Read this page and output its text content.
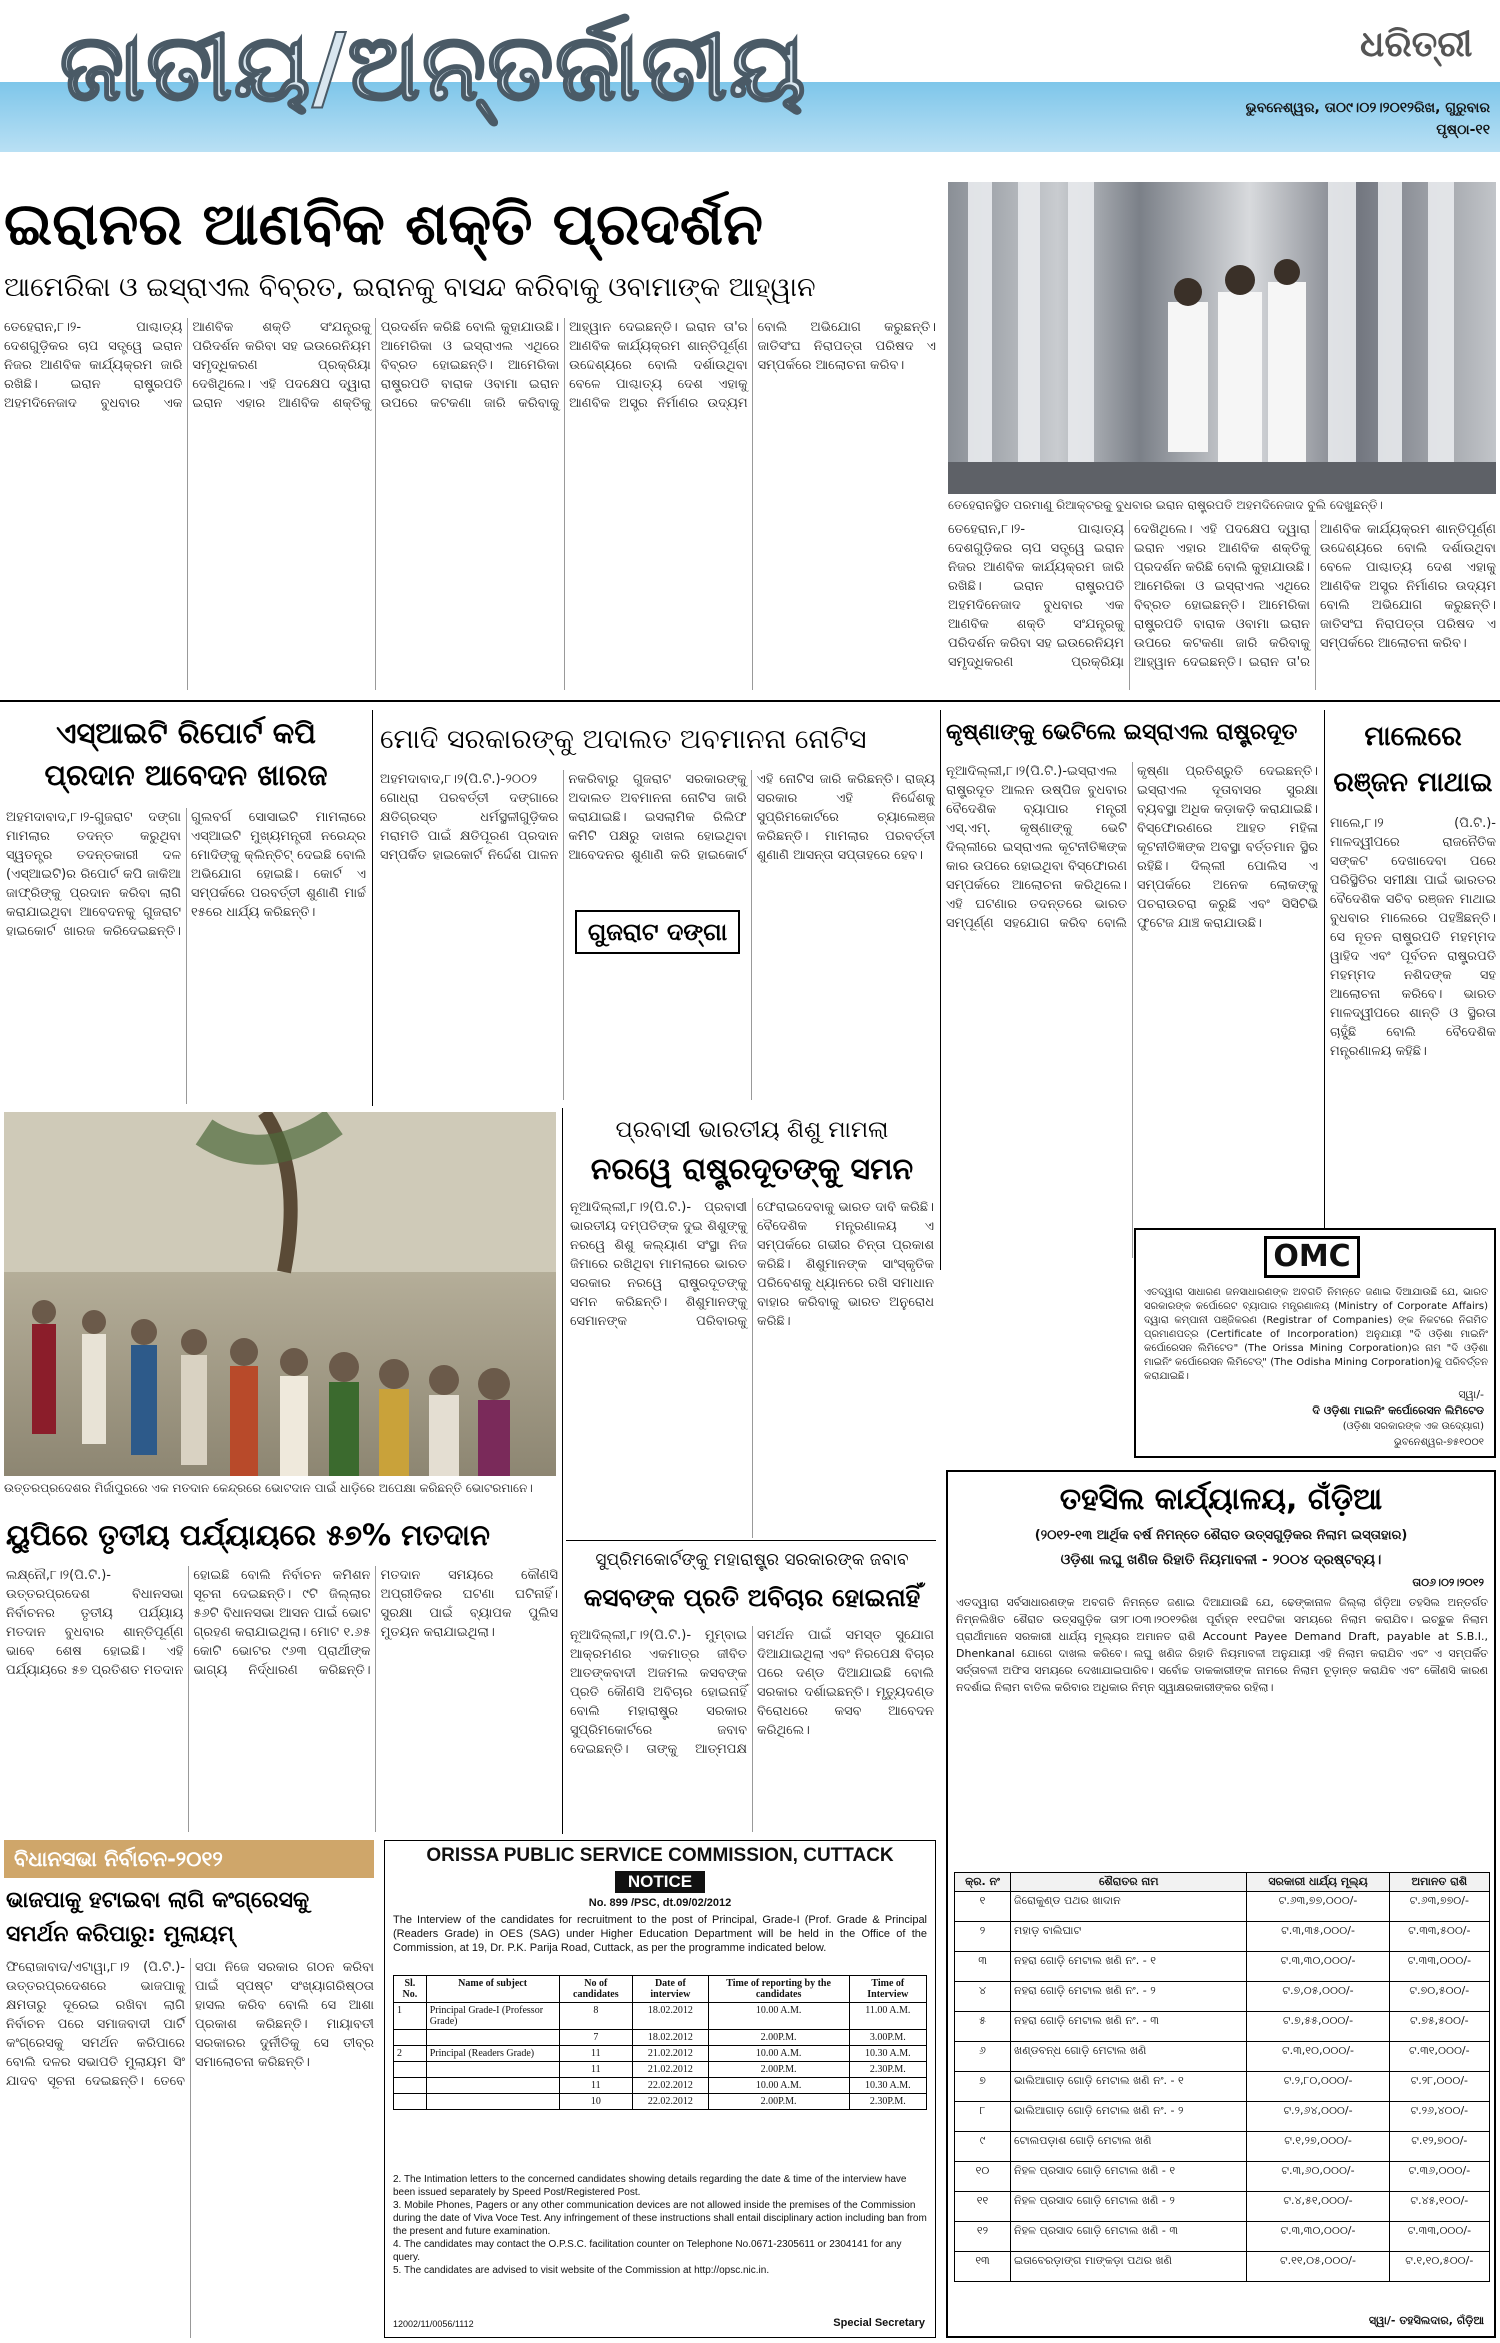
ଜାତୀୟ/ଅନ୍ତର୍ଜାତୀୟ	ଧରିତ୍ରୀ
ଭୁବନେଶ୍ୱର, ତା୦୯।୦୨।୨୦୧୨ରିଖ, ଗୁରୁବାର
ପୃଷ୍ଠା-୧୧
ଇରାନର ଆଣବିକ ଶକ୍ତି ପ୍ରଦର୍ଶନ
ଆମେରିକା ଓ ଇସ୍ରାଏଲ ବିବ୍ରତ, ଇରାନକୁ ବାସନ୍ଦ କରିବାକୁ ଓବାମାଙ୍କ ଆହ୍ୱାନ
ତେହେରାନ,୮।୨- ପାଶ୍ଚାତ୍ୟ ଦେଶଗୁଡ଼ିକର ଚାପ ସତ୍ତ୍ୱେ ଇରାନ ନିଜର ଆଣବିକ କାର୍ଯ୍ୟକ୍ରମ ଜାରି ରଖିଛି। ଇରାନ ରାଷ୍ଟ୍ରପତି ଅହମଦିନେଜାଦ ବୁଧବାର ଏକ ଆଣବିକ ଶକ୍ତି ସଂଯନ୍ତ୍ରକୁ ପରିଦର୍ଶନ କରିବା ସହ ଇଉରେନିୟମ ସମୃଦ୍ଧିକରଣ ପ୍ରକ୍ରିୟା ଦେଖିଥିଲେ। ଏହି ପଦକ୍ଷେପ ଦ୍ୱାରା ଇରାନ ଏହାର ଆଣବିକ ଶକ୍ତିକୁ ପ୍ରଦର୍ଶନ କରିଛି ବୋଲି କୁହାଯାଉଛି। ଆମେରିକା ଓ ଇସ୍ରାଏଲ ଏଥିରେ ବିବ୍ରତ ହୋଇଛନ୍ତି। ଆମେରିକା ରାଷ୍ଟ୍ରପତି ବାରାକ ଓବାମା ଇରାନ ଉପରେ କଟକଣା ଜାରି କରିବାକୁ ଆହ୍ୱାନ ଦେଇଛନ୍ତି। ଇରାନ ତା'ର ଆଣବିକ କାର୍ଯ୍ୟକ୍ରମ ଶାନ୍ତିପୂର୍ଣ୍ଣ ଉଦ୍ଦେଶ୍ୟରେ ବୋଲି ଦର୍ଶାଉଥିବା ବେଳେ ପାଶ୍ଚାତ୍ୟ ଦେଶ ଏହାକୁ ଆଣବିକ ଅସ୍ତ୍ର ନିର୍ମାଣର ଉଦ୍ୟମ ବୋଲି ଅଭିଯୋଗ କରୁଛନ୍ତି। ଜାତିସଂଘ ନିରାପତ୍ତା ପରିଷଦ ଏ ସମ୍ପର୍କରେ ଆଲୋଚନା କରିବ।
ତେହେରାନସ୍ଥିତ ପରମାଣୁ ରିଆକ୍ଟରକୁ ବୁଧବାର ଇରାନ ରାଷ୍ଟ୍ରପତି ଅହମଦିନେଜାଦ ବୁଲି ଦେଖୁଛନ୍ତି।
ତେହେରାନ,୮।୨- ପାଶ୍ଚାତ୍ୟ ଦେଶଗୁଡ଼ିକର ଚାପ ସତ୍ତ୍ୱେ ଇରାନ ନିଜର ଆଣବିକ କାର୍ଯ୍ୟକ୍ରମ ଜାରି ରଖିଛି। ଇରାନ ରାଷ୍ଟ୍ରପତି ଅହମଦିନେଜାଦ ବୁଧବାର ଏକ ଆଣବିକ ଶକ୍ତି ସଂଯନ୍ତ୍ରକୁ ପରିଦର୍ଶନ କରିବା ସହ ଇଉରେନିୟମ ସମୃଦ୍ଧିକରଣ ପ୍ରକ୍ରିୟା ଦେଖିଥିଲେ। ଏହି ପଦକ୍ଷେପ ଦ୍ୱାରା ଇରାନ ଏହାର ଆଣବିକ ଶକ୍ତିକୁ ପ୍ରଦର୍ଶନ କରିଛି ବୋଲି କୁହାଯାଉଛି। ଆମେରିକା ଓ ଇସ୍ରାଏଲ ଏଥିରେ ବିବ୍ରତ ହୋଇଛନ୍ତି। ଆମେରିକା ରାଷ୍ଟ୍ରପତି ବାରାକ ଓବାମା ଇରାନ ଉପରେ କଟକଣା ଜାରି କରିବାକୁ ଆହ୍ୱାନ ଦେଇଛନ୍ତି। ଇରାନ ତା'ର ଆଣବିକ କାର୍ଯ୍ୟକ୍ରମ ଶାନ୍ତିପୂର୍ଣ୍ଣ ଉଦ୍ଦେଶ୍ୟରେ ବୋଲି ଦର୍ଶାଉଥିବା ବେଳେ ପାଶ୍ଚାତ୍ୟ ଦେଶ ଏହାକୁ ଆଣବିକ ଅସ୍ତ୍ର ନିର୍ମାଣର ଉଦ୍ୟମ ବୋଲି ଅଭିଯୋଗ କରୁଛନ୍ତି। ଜାତିସଂଘ ନିରାପତ୍ତା ପରିଷଦ ଏ ସମ୍ପର୍କରେ ଆଲୋଚନା କରିବ।
ଏସ୍‌ଆଇଟି ରିପୋର୍ଟ କପି ପ୍ରଦାନ ଆବେଦନ ଖାରଜ
ଅହମଦାବାଦ,୮।୨-ଗୁଜରାଟ ଦଙ୍ଗା ମାମଲାର ତଦନ୍ତ କରୁଥିବା ସ୍ୱତନ୍ତ୍ର ତଦନ୍ତକାରୀ ଦଳ (ଏସ୍‌ଆଇଟି)ର ରିପୋର୍ଟ କପି ଜାକିଆ ଜାଫ୍ରିଙ୍କୁ ପ୍ରଦାନ କରିବା ଲାଗି କରାଯାଇଥିବା ଆବେଦନକୁ ଗୁଜରାଟ ହାଇକୋର୍ଟ ଖାରଜ କରିଦେଇଛନ୍ତି। ଗୁଲବର୍ଗ ସୋସାଇଟି ମାମଲାରେ ଏସ୍‌ଆଇଟି ମୁଖ୍ୟମନ୍ତ୍ରୀ ନରେନ୍ଦ୍ର ମୋଦିଙ୍କୁ କ୍ଲିନ୍‌ଚିଟ୍ ଦେଇଛି ବୋଲି ଅଭିଯୋଗ ହୋଇଛି। କୋର୍ଟ ଏ ସମ୍ପର୍କରେ ପରବର୍ତ୍ତୀ ଶୁଣାଣି ମାର୍ଚ୍ଚ ୧୫ରେ ଧାର୍ଯ୍ୟ କରିଛନ୍ତି।
ମୋଦି ସରକାରଙ୍କୁ ଅଦାଲତ ଅବମାନନା ନୋଟିସ
ଅହମଦାବାଦ,୮।୨(ପି.ଟି.)-୨୦୦୨ ଗୋଧ୍ରା ପରବର୍ତ୍ତୀ ଦଙ୍ଗାରେ କ୍ଷତିଗ୍ରସ୍ତ ଧର୍ମସ୍ଥଳୀଗୁଡ଼ିକର ମରାମତି ପାଇଁ କ୍ଷତିପୂରଣ ପ୍ରଦାନ ସମ୍ପର୍କିତ ହାଇକୋର୍ଟ ନିର୍ଦ୍ଦେଶ ପାଳନ ନକରିବାରୁ ଗୁଜରାଟ ସରକାରଙ୍କୁ ଅଦାଲତ ଅବମାନନା ନୋଟିସ ଜାରି କରାଯାଇଛି। ଇସଲାମିକ ରିଲିଫ କମିଟି ପକ୍ଷରୁ ଦାଖଲ ହୋଇଥିବା ଆବେଦନର ଶୁଣାଣି କରି ହାଇକୋର୍ଟ ଏହି ନୋଟିସ ଜାରି କରିଛନ୍ତି। ରାଜ୍ୟ ସରକାର ଏହି ନିର୍ଦ୍ଦେଶକୁ ସୁପ୍ରିମକୋର୍ଟରେ ଚ୍ୟାଲେଞ୍ଜ କରିଛନ୍ତି। ମାମଲାର ପରବର୍ତ୍ତୀ ଶୁଣାଣି ଆସନ୍ତା ସପ୍ତାହରେ ହେବ।
ଗୁଜରାଟ ଦଙ୍ଗା
କୃଷ୍ଣାଙ୍କୁ ଭେଟିଲେ ଇସ୍ରାଏଲ ରାଷ୍ଟ୍ରଦୂତ
ନୂଆଦିଲ୍ଲୀ,୮।୨(ପି.ଟି.)-ଇସ୍ରାଏଲ ରାଷ୍ଟ୍ରଦୂତ ଆଲନ ଉଷ୍ପିଜ ବୁଧବାର ବୈଦେଶିକ ବ୍ୟାପାର ମନ୍ତ୍ରୀ ଏସ୍.ଏମ୍. କୃଷ୍ଣାଙ୍କୁ ଭେଟି ଦିଲ୍ଲୀରେ ଇସ୍ରାଏଲ କୂଟନୀତିଜ୍ଞଙ୍କ କାର ଉପରେ ହୋଇଥିବା ବିସ୍ଫୋରଣ ସମ୍ପର୍କରେ ଆଲୋଚନା କରିଥିଲେ। ଏହି ଘଟଣାର ତଦନ୍ତରେ ଭାରତ ସମ୍ପୂର୍ଣ୍ଣ ସହଯୋଗ କରିବ ବୋଲି କୃଷ୍ଣା ପ୍ରତିଶ୍ରୁତି ଦେଇଛନ୍ତି। ଇସ୍ରାଏଲ ଦୂତାବାସର ସୁରକ୍ଷା ବ୍ୟବସ୍ଥା ଅଧିକ କଡ଼ାକଡ଼ି କରାଯାଇଛି। ବିସ୍ଫୋରଣରେ ଆହତ ମହିଳା କୂଟନୀତିଜ୍ଞଙ୍କ ଅବସ୍ଥା ବର୍ତ୍ତମାନ ସ୍ଥିର ରହିଛି। ଦିଲ୍ଲୀ ପୋଲିସ ଏ ସମ୍ପର୍କରେ ଅନେକ ଲୋକଙ୍କୁ ପଚରାଉଚରା କରୁଛି ଏବଂ ସିସିଟିଭି ଫୁଟେଜ ଯାଞ୍ଚ କରାଯାଉଛି।
ମାଲେରେ ରଞ୍ଜନ ମାଥାଇ
ମାଲେ,୮।୨ (ପି.ଟି.)- ମାଳଦ୍ୱୀପରେ ରାଜନୈତିକ ସଙ୍କଟ ଦେଖାଦେବା ପରେ ପରିସ୍ଥିତିର ସମୀକ୍ଷା ପାଇଁ ଭାରତର ବୈଦେଶିକ ସଚିବ ରଞ୍ଜନ ମାଥାଇ ବୁଧବାର ମାଲେରେ ପହଞ୍ଚିଛନ୍ତି। ସେ ନୂତନ ରାଷ୍ଟ୍ରପତି ମହମ୍ମଦ ୱାହିଦ ଏବଂ ପୂର୍ବତନ ରାଷ୍ଟ୍ରପତି ମହମ୍ମଦ ନଶିଦଙ୍କ ସହ ଆଲୋଚନା କରିବେ। ଭାରତ ମାଳଦ୍ୱୀପରେ ଶାନ୍ତି ଓ ସ୍ଥିରତା ଚାହୁଁଛି ବୋଲି ବୈଦେଶିକ ମନ୍ତ୍ରଣାଳୟ କହିଛି।
ଉତ୍ତରପ୍ରଦେଶର ମିର୍ଜାପୁରରେ ଏକ ମତଦାନ କେନ୍ଦ୍ରରେ ଭୋଟଦାନ ପାଇଁ ଧାଡ଼ିରେ ଅପେକ୍ଷା କରିଛନ୍ତି ଭୋଟରମାନେ।
ପ୍ରବାସୀ ଭାରତୀୟ ଶିଶୁ ମାମଲା
ନରୱେ ରାଷ୍ଟ୍ରଦୂତଙ୍କୁ ସମନ
ନୂଆଦିଲ୍ଲୀ,୮।୨(ପି.ଟି.)- ପ୍ରବାସୀ ଭାରତୀୟ ଦମ୍ପତିଙ୍କ ଦୁଇ ଶିଶୁଙ୍କୁ ନରୱେ ଶିଶୁ କଲ୍ୟାଣ ସଂସ୍ଥା ନିଜ ଜିମାରେ ରଖିଥିବା ମାମଲାରେ ଭାରତ ସରକାର ନରୱେ ରାଷ୍ଟ୍ରଦୂତଙ୍କୁ ସମନ କରିଛନ୍ତି। ଶିଶୁମାନଙ୍କୁ ସେମାନଙ୍କ ପରିବାରକୁ ଫେରାଇଦେବାକୁ ଭାରତ ଦାବି କରିଛି। ବୈଦେଶିକ ମନ୍ତ୍ରଣାଳୟ ଏ ସମ୍ପର୍କରେ ଗଭୀର ଚିନ୍ତା ପ୍ରକାଶ କରିଛି। ଶିଶୁମାନଙ୍କ ସାଂସ୍କୃତିକ ପରିବେଶକୁ ଧ୍ୟାନରେ ରଖି ସମାଧାନ ବାହାର କରିବାକୁ ଭାରତ ଅନୁରୋଧ କରିଛି।
OMC
ଏତଦ୍ୱାରା ସାଧାରଣ ଜନସାଧାରଣଙ୍କ ଅବଗତି ନିମନ୍ତେ ଜଣାଇ ଦିଆଯାଉଛି ଯେ, ଭାରତ ସରକାରଙ୍କ କର୍ପୋରେଟ ବ୍ୟାପାର ମନ୍ତ୍ରଣାଳୟ (Ministry of Corporate Affairs) ଦ୍ୱାରା କମ୍ପାନୀ ପଞ୍ଜିକରଣ (Registrar of Companies) ଙ୍କ ନିକଟରେ ନିଗମିତ ପ୍ରମାଣପତ୍ର (Certificate of Incorporation) ଅନୁଯାୟୀ "ଦି ଓଡ଼ିଶା ମାଇନିଂ କର୍ପୋରେସନ ଲିମିଟେଡ" (The Orissa Mining Corporation)ର ନାମ "ଦି ଓଡ଼ିଶା ମାଇନିଂ କର୍ପୋରେସନ ଲିମିଟେଡ୍" (The Odisha Mining Corporation)କୁ ପରିବର୍ତ୍ତନ କରାଯାଇଛି।
ସ୍ୱା/-
ଦି ଓଡ଼ିଶା ମାଇନିଂ କର୍ପୋରେସନ ଲିମିଟେଡ
(ଓଡ଼ିଶା ସରକାରଙ୍କ ଏକ ଉଦ୍ୟୋଗ)
ଭୁବନେଶ୍ୱର-୭୫୧୦୦୧
ୟୁପିରେ ତୃତୀୟ ପର୍ଯ୍ୟାୟରେ ୫୭% ମତଦାନ
ଲକ୍ଷ୍ନୌ,୮।୨(ପି.ଟି.)- ଉତ୍ତରପ୍ରଦେଶ ବିଧାନସଭା ନିର୍ବାଚନର ତୃତୀୟ ପର୍ଯ୍ୟାୟ ମତଦାନ ବୁଧବାର ଶାନ୍ତିପୂର୍ଣ୍ଣ ଭାବେ ଶେଷ ହୋଇଛି। ଏହି ପର୍ଯ୍ୟାୟରେ ୫୭ ପ୍ରତିଶତ ମତଦାନ ହୋଇଛି ବୋଲି ନିର୍ବାଚନ କମିଶନ ସୂଚନା ଦେଇଛନ୍ତି। ୯ଟି ଜିଲ୍ଲାର ୫୬ଟି ବିଧାନସଭା ଆସନ ପାଇଁ ଭୋଟ ଗ୍ରହଣ କରାଯାଇଥିଲା। ମୋଟ ୧.୬୫ କୋଟି ଭୋଟର ୯୬୩ ପ୍ରାର୍ଥୀଙ୍କ ଭାଗ୍ୟ ନିର୍ଦ୍ଧାରଣ କରିଛନ୍ତି। ମତଦାନ ସମୟରେ କୌଣସି ଅପ୍ରୀତିକର ଘଟଣା ଘଟିନାହିଁ। ସୁରକ୍ଷା ପାଇଁ ବ୍ୟାପକ ପୁଲିସ ମୁତୟନ କରାଯାଇଥିଲା।
ସୁପ୍ରିମକୋର୍ଟଙ୍କୁ ମହାରାଷ୍ଟ୍ର ସରକାରଙ୍କ ଜବାବ
କସବଙ୍କ ପ୍ରତି ଅବିଚାର ହୋଇନାହିଁ
ନୂଆଦିଲ୍ଲୀ,୮।୨(ପି.ଟି.)- ମୁମ୍ବାଇ ଆକ୍ରମଣର ଏକମାତ୍ର ଜୀବିତ ଆତଙ୍କବାଦୀ ଅଜମଲ କସବଙ୍କ ପ୍ରତି କୌଣସି ଅବିଚାର ହୋଇନାହିଁ ବୋଲି ମହାରାଷ୍ଟ୍ର ସରକାର ସୁପ୍ରିମକୋର୍ଟରେ ଜବାବ ଦେଇଛନ୍ତି। ତାଙ୍କୁ ଆତ୍ମପକ୍ଷ ସମର୍ଥନ ପାଇଁ ସମସ୍ତ ସୁଯୋଗ ଦିଆଯାଇଥିଲା ଏବଂ ନିରପେକ୍ଷ ବିଚାର ପରେ ଦଣ୍ଡ ଦିଆଯାଇଛି ବୋଲି ସରକାର ଦର୍ଶାଇଛନ୍ତି। ମୃତ୍ୟୁଦଣ୍ଡ ବିରୋଧରେ କସବ ଆବେଦନ କରିଥିଲେ।
ବିଧାନସଭା ନିର୍ବାଚନ-୨୦୧୨
ଭାଜପାକୁ ହଟାଇବା ଲାଗି କଂଗ୍ରେସକୁ ସମର୍ଥନ କରିପାରୁ: ମୁଲାୟମ୍
ଫିରୋଜାବାଦ/ଏଟାୱା,୮।୨ (ପି.ଟି.)- ଉତ୍ତରପ୍ରଦେଶରେ ଭାଜପାକୁ କ୍ଷମତାରୁ ଦୂରେଇ ରଖିବା ଲାଗି ନିର୍ବାଚନ ପରେ ସମାଜବାଦୀ ପାର୍ଟି କଂଗ୍ରେସକୁ ସମର୍ଥନ କରିପାରେ ବୋଲି ଦଳର ସଭାପତି ମୁଲାୟମ ସିଂ ଯାଦବ ସୂଚନା ଦେଇଛନ୍ତି। ତେବେ ସପା ନିଜେ ସରକାର ଗଠନ କରିବା ପାଇଁ ସ୍ପଷ୍ଟ ସଂଖ୍ୟାଗରିଷ୍ଠତା ହାସଲ କରିବ ବୋଲି ସେ ଆଶା ପ୍ରକାଶ କରିଛନ୍ତି। ମାୟାବତୀ ସରକାରର ଦୁର୍ନୀତିକୁ ସେ ତୀବ୍ର ସମାଲୋଚନା କରିଛନ୍ତି।
ORISSA PUBLIC SERVICE COMMISSION, CUTTACK
NOTICE
No. 899 /PSC, dt.09/02/2012
The Interview of the candidates for recruitment to the post of Principal, Grade-I (Prof. Grade & Principal (Readers Grade) in OES (SAG) under Higher Education Department will be held in the Office of the Commission, at 19, Dr. P.K. Parija Road, Cuttack, as per the programme indicated below.
Sl. No.	Name of subject	No of candidates	Date of interview	Time of reporting by the candidates	Time of Interview
1	Principal Grade-I (Professor Grade)	8	18.02.2012	10.00 A.M.	11.00 A.M.
		7	18.02.2012	2.00P.M.	3.00P.M.
2	Principal (Readers Grade)	11	21.02.2012	10.00 A.M.	10.30 A.M.
		11	21.02.2012	2.00P.M.	2.30P.M.
		11	22.02.2012	10.00 A.M.	10.30 A.M.
		10	22.02.2012	2.00P.M.	2.30P.M.
2. The Intimation letters to the concerned candidates showing details regarding the date & time of the interview have been issued separately by Speed Post/Registered Post.
3. Mobile Phones, Pagers or any other communication devices are not allowed inside the premises of the Commission during the date of Viva Voce Test. Any infringement of these instructions shall entail disciplinary action including ban from the present and future examination.
4. The candidates may contact the O.P.S.C. facilitation counter on Telephone No.0671-2305611 or 2304141 for any query.
5. The candidates are advised to visit website of the Commission at http://opsc.nic.in.
12002/11/0056/1112	Special Secretary
ତହସିଲ କାର୍ଯ୍ୟାଳୟ, ଗଁଡ଼ିଆ
(୨୦୧୨-୧୩ ଆର୍ଥିକ ବର୍ଷ ନିମନ୍ତେ ଶୈରାତ ଉତ୍ସଗୁଡ଼ିକର ନିଲାମ ଇସ୍ତାହାର)
ଓଡ଼ିଶା ଲଘୁ ଖଣିଜ ରିହାତି ନିୟମାବଳୀ - ୨୦୦୪ ଦ୍ରଷ୍ଟବ୍ୟ।
ତା୦୬।୦୨।୨୦୧୨
ଏତଦ୍ୱାରା ସର୍ବସାଧାରଣଙ୍କ ଅବଗତି ନିମନ୍ତେ ଜଣାଇ ଦିଆଯାଉଛି ଯେ, ଢେଙ୍କାନାଳ ଜିଲ୍ଲା ଗଁଡ଼ିଆ ତହସିଲ ଅନ୍ତର୍ଗତ ନିମ୍ନଲିଖିତ ଶୈରାତ ଉତ୍ସଗୁଡ଼ିକ ତା୨୮।୦୩।୨୦୧୨ରିଖ ପୂର୍ବାହ୍ନ ୧୧ଘଟିକା ସମୟରେ ନିଲାମ କରାଯିବ। ଇଚ୍ଛୁକ ନିଲାମ ପ୍ରାର୍ଥୀମାନେ ସରକାରୀ ଧାର୍ଯ୍ୟ ମୂଲ୍ୟର ଅମାନତ ରାଶି Account Payee Demand Draft, payable at S.B.I., Dhenkanal ଯୋଗେ ଦାଖଲ କରିବେ। ଲଘୁ ଖଣିଜ ରିହାତି ନିୟମାବଳୀ ଅନୁଯାୟୀ ଏହି ନିଲାମ କରାଯିବ ଏବଂ ଏ ସମ୍ପର୍କିତ ସର୍ତ୍ତାବଳୀ ଅଫିସ ସମୟରେ ଦେଖାଯାଇପାରିବ। ସର୍ବୋଚ୍ଚ ଡାକକାରୀଙ୍କ ନାମରେ ନିଲାମ ଚୂଡ଼ାନ୍ତ କରାଯିବ ଏବଂ କୌଣସି କାରଣ ନଦର୍ଶାଇ ନିଲାମ ବାତିଲ କରିବାର ଅଧିକାର ନିମ୍ନ ସ୍ୱାକ୍ଷରକାରୀଙ୍କର ରହିଲା।
କ୍ର. ନଂ	ଶୈରାତର ନାମ	ସରକାରୀ ଧାର୍ଯ୍ୟ ମୂଲ୍ୟ	ଅମାନତ ରାଶି
୧	ଜିରୋକୁଣ୍ଡ ପଥର ଖାଦାନ	ଟ.୬୩,୭୭,୦୦୦/-	ଟ.୬୩,୭୭୦/-
୨	ମହାଡ଼ ବାଲିଘାଟ	ଟ.୩,୩୫,୦୦୦/-	ଟ.୩୩,୫୦୦/-
୩	ନହରା ଗୋଡ଼ି ମେଟାଲ ଖଣି ନଂ. - ୧	ଟ.୩,୩୦,୦୦୦/-	ଟ.୩୩,୦୦୦/-
୪	ନହରା ଗୋଡ଼ି ମେଟାଲ ଖଣି ନଂ. - ୨	ଟ.୭,୦୫,୦୦୦/-	ଟ.୭୦,୫୦୦/-
୫	ନହରା ଗୋଡ଼ି ମେଟାଲ ଖଣି ନଂ. - ୩	ଟ.୭,୫୫,୦୦୦/-	ଟ.୭୫,୫୦୦/-
୬	ଖଣ୍ଡବନ୍ଧ ଗୋଡ଼ି ମେଟାଲ ଖଣି	ଟ.୩,୧୦,୦୦୦/-	ଟ.୩୧,୦୦୦/-
୭	ଭାଲିଆଗାଡ଼ ଗୋଡ଼ି ମେଟାଲ ଖଣି ନଂ. - ୧	ଟ.୨,୮୦,୦୦୦/-	ଟ.୨୮,୦୦୦/-
୮	ଭାଲିଆଗାଡ଼ ଗୋଡ଼ି ମେଟାଲ ଖଣି ନଂ. - ୨	ଟ.୨,୬୪,୦୦୦/-	ଟ.୨୬,୪୦୦/-
୯	ଟୋଲପଡ଼ାଶ ଗୋଡ଼ି ମେଟାଲ ଖଣି	ଟ.୧,୨୭,୦୦୦/-	ଟ.୧୨,୭୦୦/-
୧୦	ନିହଳ ପ୍ରସାଦ ଗୋଡ଼ି ମେଟାଲ ଖଣି - ୧	ଟ.୩,୬୦,୦୦୦/-	ଟ.୩୬,୦୦୦/-
୧୧	ନିହଳ ପ୍ରସାଦ ଗୋଡ଼ି ମେଟାଲ ଖଣି - ୨	ଟ.୪,୫୧,୦୦୦/-	ଟ.୪୫,୧୦୦/-
୧୨	ନିହଳ ପ୍ରସାଦ ଗୋଡ଼ି ମେଟାଲ ଖଣି - ୩	ଟ.୩,୩୦,୦୦୦/-	ଟ.୩୩,୦୦୦/-
୧୩	ଇତାବେରଡ଼ାଙ୍ଗ ମାଙ୍କଡ଼ା ପଥର ଖଣି	ଟ.୧୧,୦୫,୦୦୦/-	ଟ.୧,୧୦,୫୦୦/-
ସ୍ୱା/- ତହସିଲଦାର, ଗଁଡ଼ିଆ
